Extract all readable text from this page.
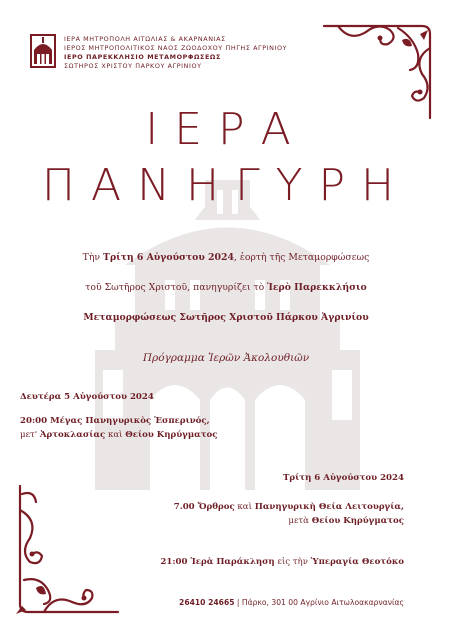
ΙΕΡΑ ΜΗΤΡΟΠΟΛΗ ΑΙΤΩΛΙΑΣ & ΑΚΑΡΝΑΝΙΑΣ
ΙΕΡΟΣ ΜΗΤΡΟΠΟΛΙΤΙΚΟΣ ΝΑΟΣ ΖΩΟΔΟΧΟΥ ΠΗΓΗΣ ΑΓΡΙΝΙΟΥ
ΙΕΡΟ ΠΑΡΕΚΚΛΗΣΙΟ ΜΕΤΑΜΟΡΦΩΣΕΩΣ
ΣΩΤΗΡΟΣ ΧΡΙΣΤΟΥ ΠΑΡΚΟΥ ΑΓΡΙΝΙΟΥ
ΙΕΡΑ
ΠΑΝΗΓΥΡΗ
Τὴν Τρίτη 6 Αὐγούστου 2024, ἑορτὴ τῆς Μεταμορφώσεως
τοῦ Σωτῆρος Χριστοῦ, πανηγυρίζει τὸ Ἱερὸ Παρεκκλήσιο
Μεταμορφώσεως Σωτῆρος Χριστοῦ Πάρκου Ἀγρινίου
Πρόγραμμα Ἱερῶν Ἀκολουθιῶν
Δευτέρα 5 Αὐγούστου 2024
20:00 Μέγας Πανηγυρικὸς Ἑσπερινός,
μετ' Ἀρτοκλασίας καὶ Θείου Κηρύγματος
Τρίτη 6 Αὐγούστου 2024
7.00 Ὄρθρος καὶ Πανηγυρικὴ Θεία Λειτουργία,
μετὰ Θείου Κηρύγματος
21:00 Ἱερὰ Παράκληση εἰς τὴν Ὑπεραγία Θεοτόκο
26410 24665 | Πάρκο, 301 00 Αγρίνιο Αιτωλοακαρνανίας
